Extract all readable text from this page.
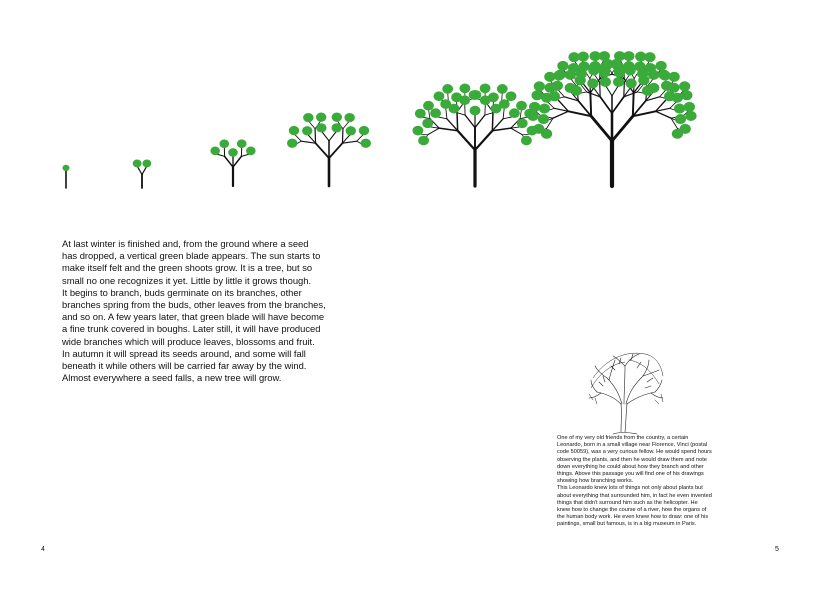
At last winter is finished and, from the ground where a seed
has dropped, a vertical green blade appears. The sun starts to
make itself felt and the green shoots grow. It is a tree, but so
small no one recognizes it yet. Little by little it grows though.
It begins to branch, buds germinate on its branches, other
branches spring from the buds, other leaves from the branches,
and so on. A few years later, that green blade will have become
a fine trunk covered in boughs. Later still, it will have produced
wide branches which will produce leaves, blossoms and fruit.
In autumn it will spread its seeds around, and some will fall
beneath it while others will be carried far away by the wind.
Almost everywhere a seed falls, a new tree will grow.

One of my very old friends from the country, a certain
Leonardo, born in a small village near Florence, Vinci (postal
code 50059), was a very curious fellow. He would spend hours
observing the plants, and then he would draw them and note
down everything he could about how they branch and other
things. Above this passage you will find one of his drawings
showing how branching works.
This Leonardo knew lots of things not only about plants but
about everything that surrounded him, in fact he even invented
things that didn't surround him such as the helicopter. He
knew how to change the course of a river, how the organs of
the human body work. He even knew how to draw: one of his
paintings, small but famous, is in a big museum in Paris.

4	5
